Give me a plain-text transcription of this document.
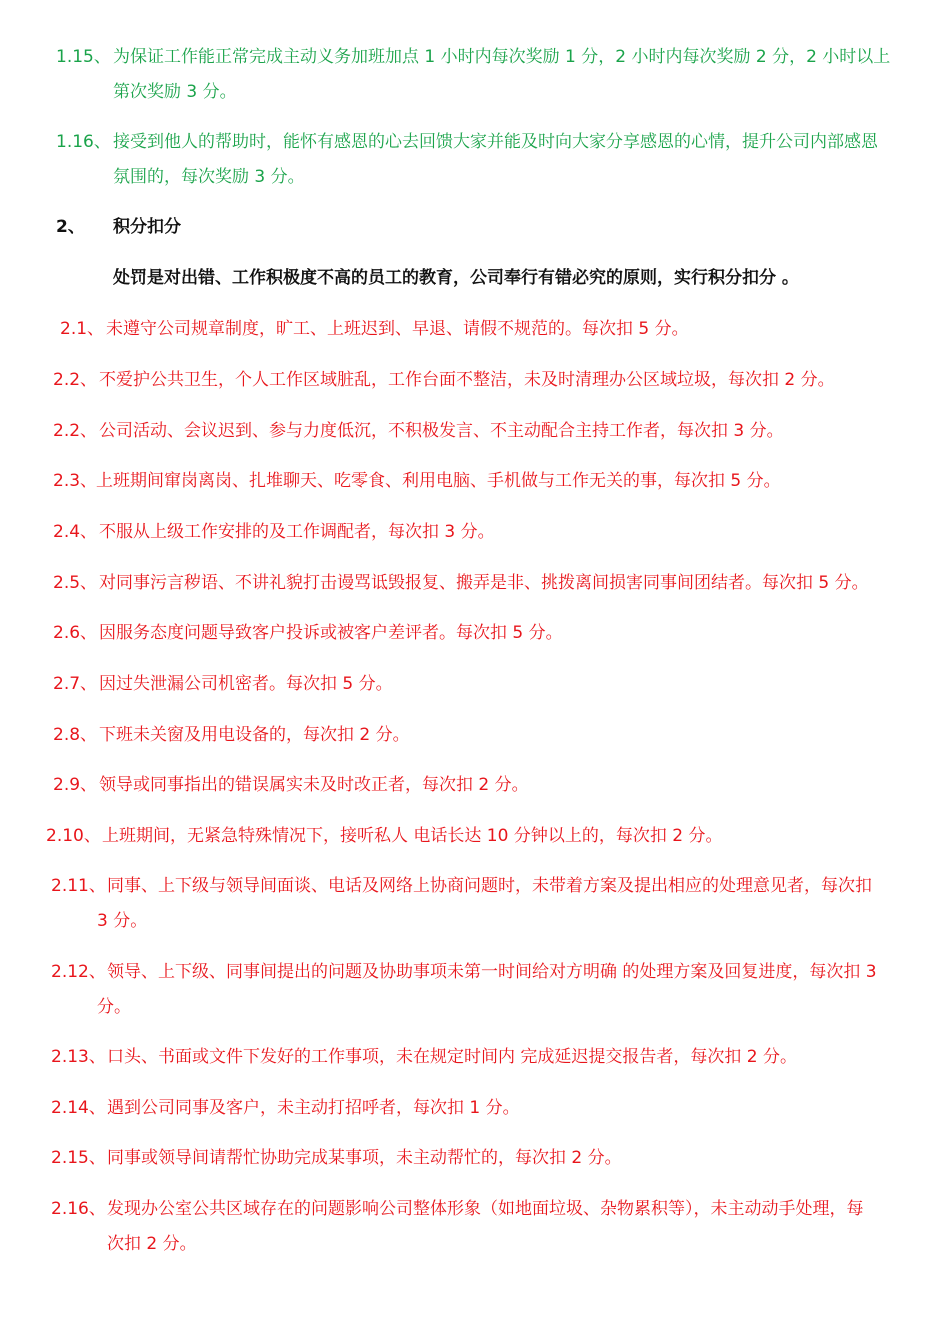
1.15、 为保证工作能正常完成主动义务加班加点 1 小时内每次奖励 1 分，2 小时内每次奖励 2 分，2 小时以上
第次奖励 3 分。
1.16、 接受到他人的帮助时，能怀有感恩的心去回馈大家并能及时向大家分享感恩的心情，提升公司内部感恩
氛围的，每次奖励 3 分。
2、 积分扣分
处罚是对出错、工作积极度不高的员工的教育，公司奉行有错必究的原则，实行积分扣分 。
2.1、 未遵守公司规章制度，旷工、上班迟到、早退、请假不规范的。每次扣 5 分。
2.2、 不爱护公共卫生，个人工作区域脏乱，工作台面不整洁，未及时清理办公区域垃圾，每次扣 2 分。
2.2、 公司活动、会议迟到、参与力度低沉，不积极发言、不主动配合主持工作者，每次扣 3 分。
2.3、
上班期间窜岗离岗、扎堆聊天、吃零食、利用电脑、手机做与工作无关的事，每次扣 5 分。
2.4、 不服从上级工作安排的及工作调配者，每次扣 3 分。
2.5、 对同事污言秽语、不讲礼貌打击谩骂诋毁报复、搬弄是非、挑拨离间损害同事间团结者。每次扣 5 分。
2.6、 因服务态度问题导致客户投诉或被客户差评者。每次扣 5 分。
2.7、 因过失泄漏公司机密者。每次扣 5 分。
2.8、 下班未关窗及用电设备的，每次扣 2 分。
2.9、 领导或同事指出的错误属实未及时改正者，每次扣 2 分。
2.10、 上班期间，无紧急特殊情况下，接听私人 电话长达 10 分钟以上的，每次扣 2 分。
2.11、 同事、上下级与领导间面谈、电话及网络上协商问题时，未带着方案及提出相应的处理意见者，每次扣
3 分。
2.12、 领导、上下级、同事间提出的问题及协助事项未第一时间给对方明确 的处理方案及回复进度，每次扣 3
分。
2.13、 口头、书面或文件下发好的工作事项，未在规定时间内 完成延迟提交报告者，每次扣 2 分。
2.14、 遇到公司同事及客户，未主动打招呼者，每次扣 1 分。
2.15、 同事或领导间请帮忙协助完成某事项，未主动帮忙的，每次扣 2 分。
2.16、 发现办公室公共区域存在的问题影响公司整体形象（如地面垃圾、杂物累积等），未主动动手处理，每
次扣 2 分。
